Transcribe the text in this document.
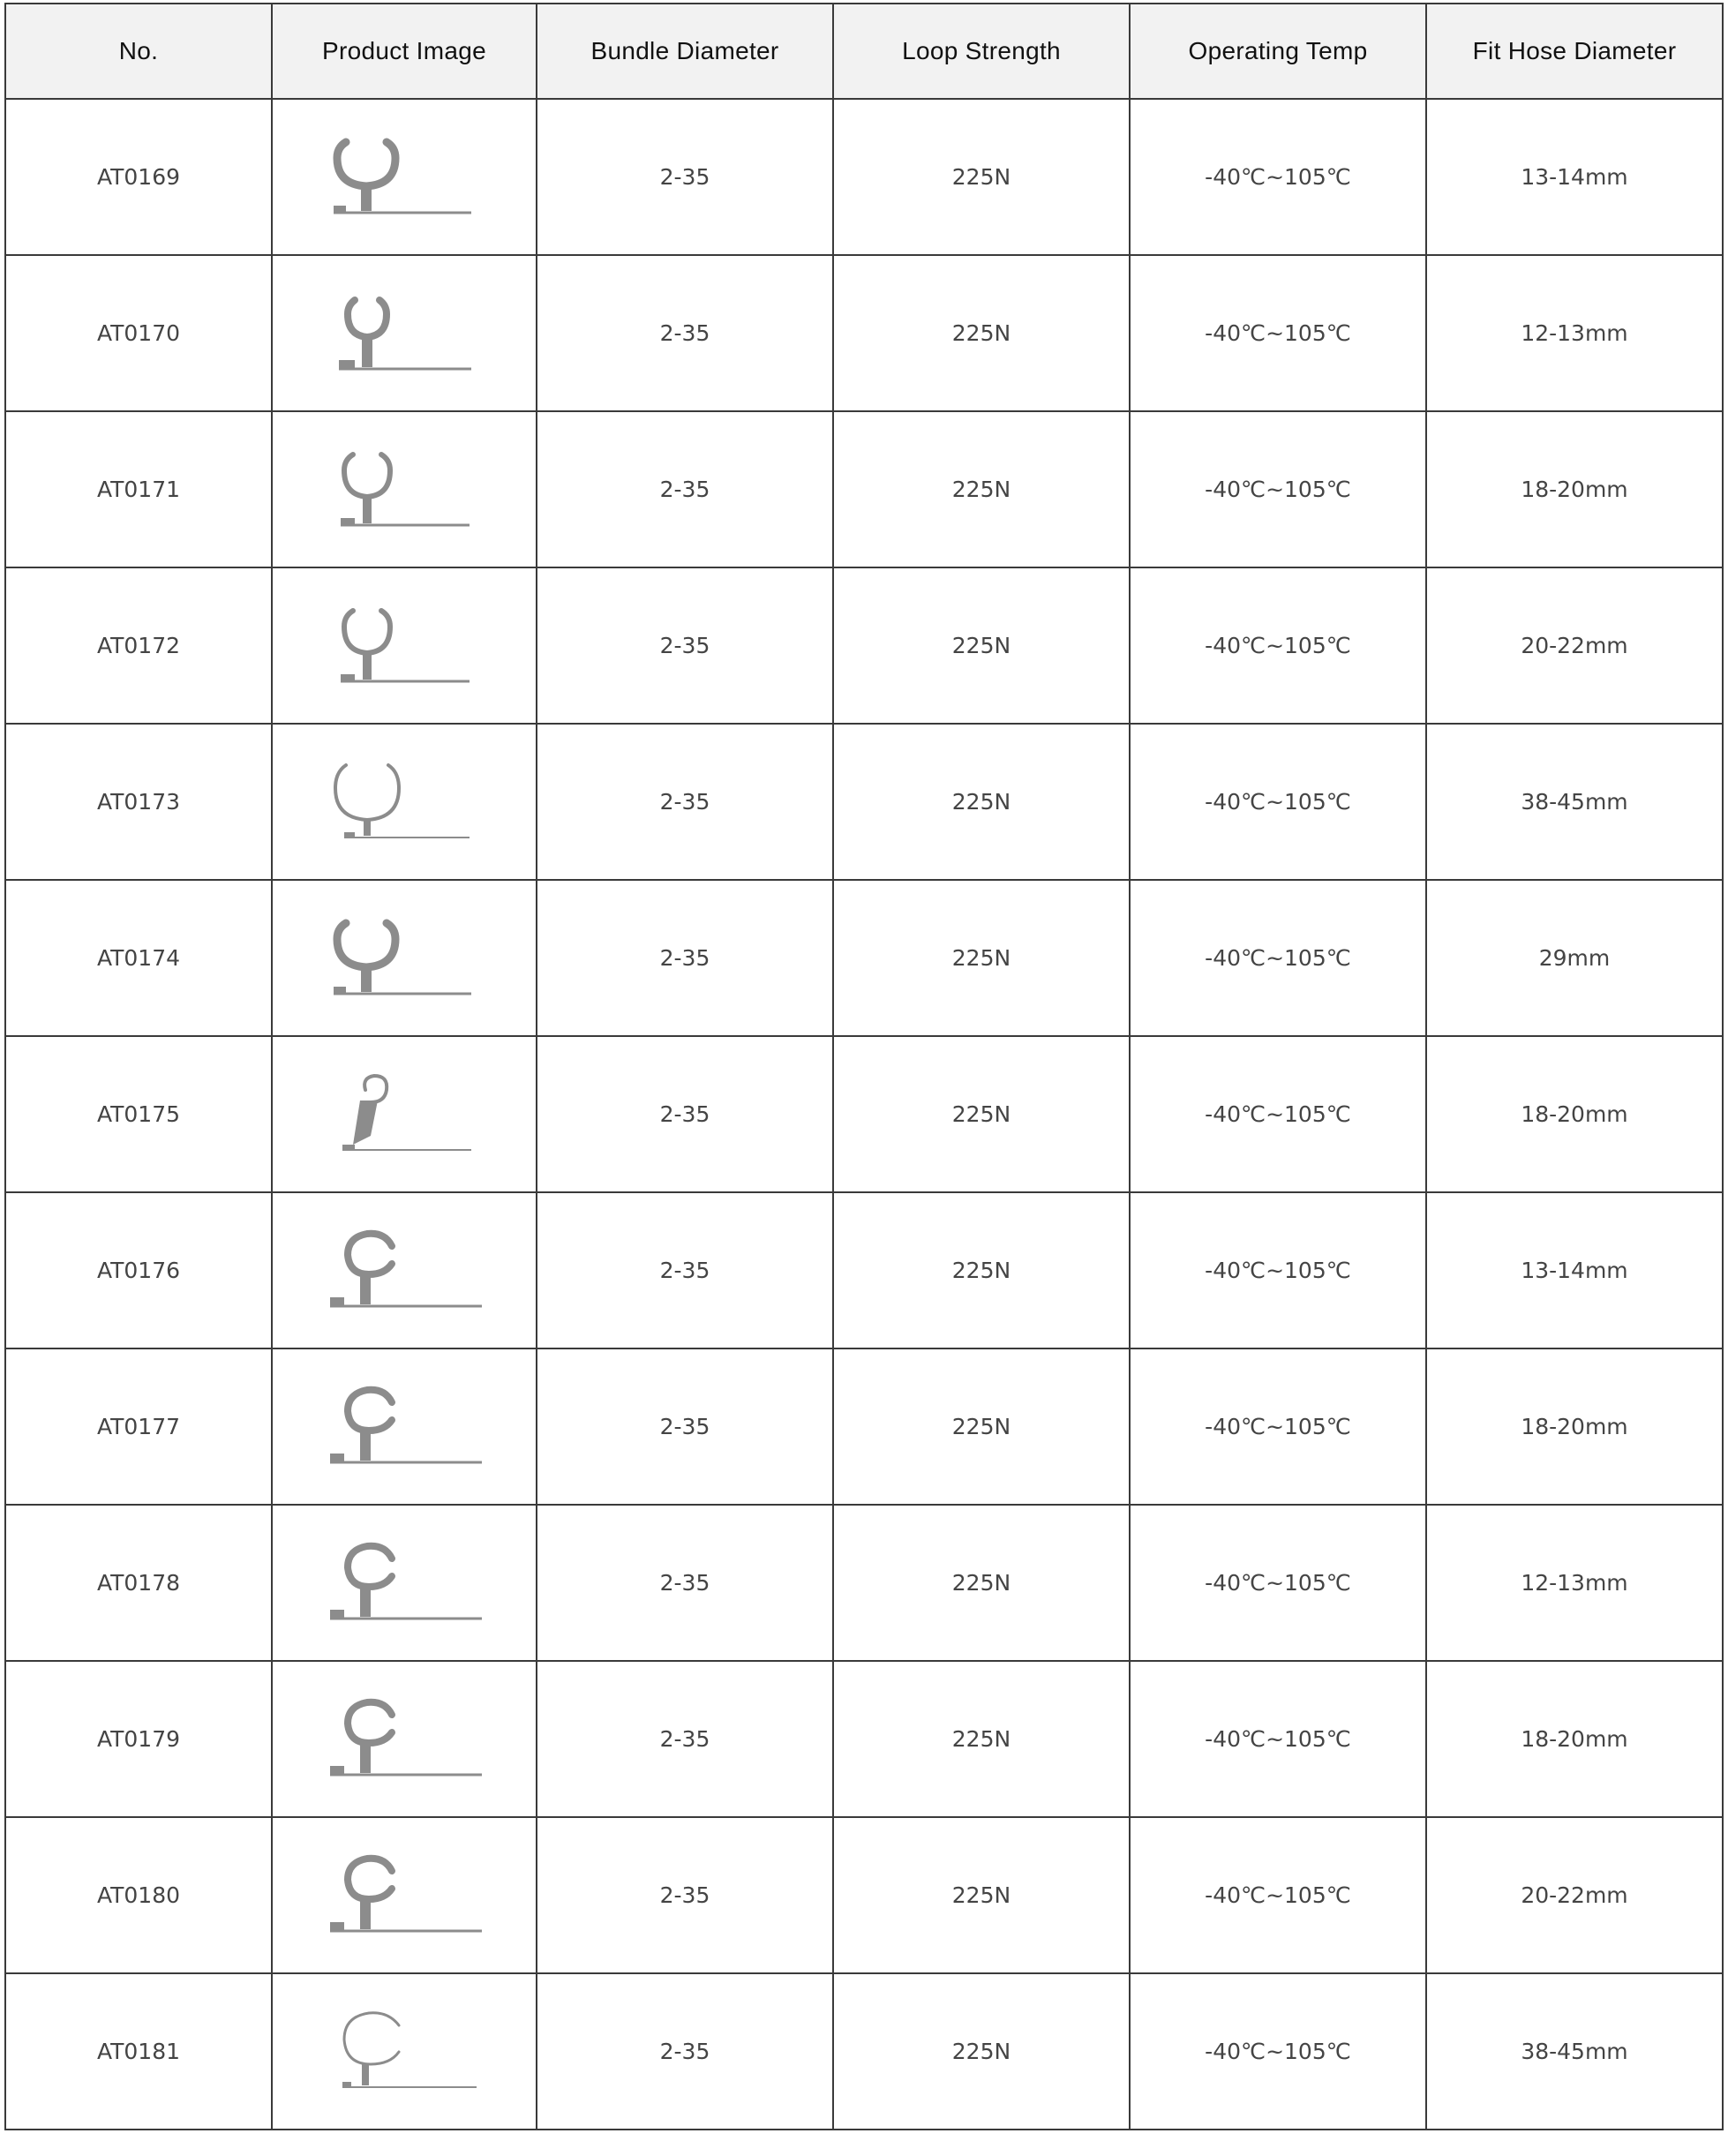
No.	Product Image	Bundle Diameter	Loop Strength	Operating Temp	Fit Hose Diameter
AT0169		2-35	225N	-40℃~105℃	13-14mm
AT0170		2-35	225N	-40℃~105℃	12-13mm
AT0171		2-35	225N	-40℃~105℃	18-20mm
AT0172		2-35	225N	-40℃~105℃	20-22mm
AT0173		2-35	225N	-40℃~105℃	38-45mm
AT0174		2-35	225N	-40℃~105℃	29mm
AT0175		2-35	225N	-40℃~105℃	18-20mm
AT0176		2-35	225N	-40℃~105℃	13-14mm
AT0177		2-35	225N	-40℃~105℃	18-20mm
AT0178		2-35	225N	-40℃~105℃	12-13mm
AT0179		2-35	225N	-40℃~105℃	18-20mm
AT0180		2-35	225N	-40℃~105℃	20-22mm
AT0181		2-35	225N	-40℃~105℃	38-45mm
